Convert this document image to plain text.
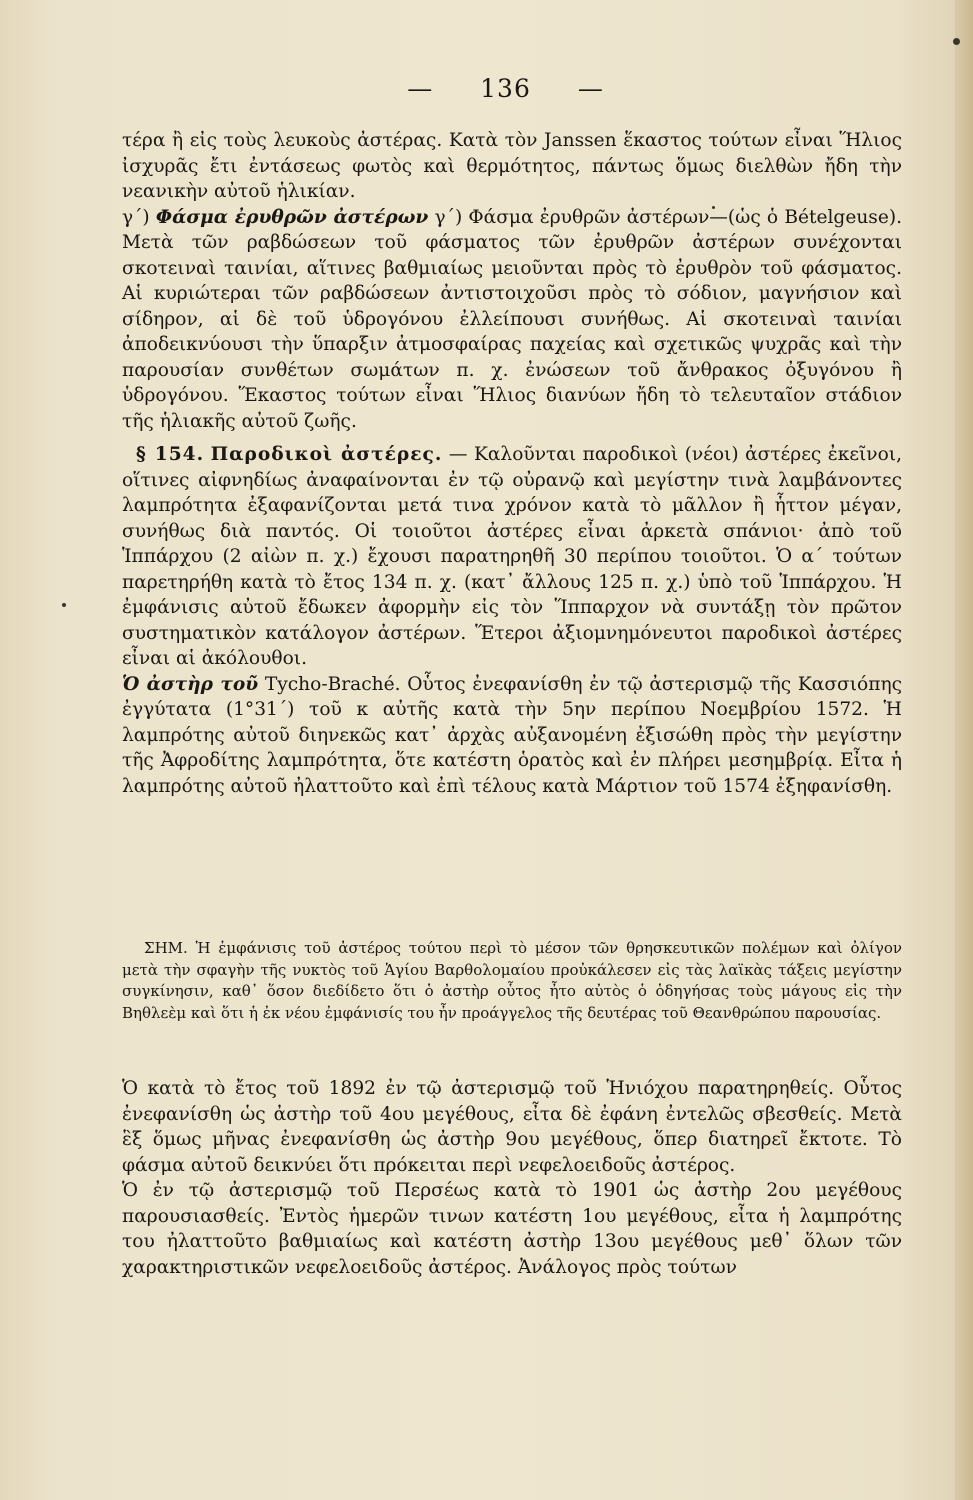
— 136 —

τέρα ἢ εἰς τοὺς λευκοὺς ἀστέρας. Κατὰ τὸν Janssen ἕκαστος τούτων εἶναι Ἥλιος ἰσχυρᾶς ἔτι ἐντάσεως φωτὸς καὶ θερμότητος, πάντως ὅμως διελθὼν ἤδη τὴν νεανικὴν αὐτοῦ ἡλικίαν.

γ΄) Φάσμα ἐρυθρῶν ἀστέρων γ΄) Φάσμα ἐρυθρῶν ἀστέρων—(ὡς ὁ Bételgeuse). Μετὰ τῶν ραβδώσεων τοῦ φάσματος τῶν ἐρυθρῶν ἀστέρων συνέχονται σκοτειναὶ ταινίαι, αἵτινες βαθμιαίως μειοῦνται πρὸς τὸ ἐρυθρὸν τοῦ φάσματος. Αἱ κυριώτεραι τῶν ραβδώσεων ἀντιστοιχοῦσι πρὸς τὸ σόδιον, μαγνήσιον καὶ σίδηρον, αἱ δὲ τοῦ ὑδρογόνου ἐλλείπουσι συνήθως. Αἱ σκοτειναὶ ταινίαι ἀποδεικνύουσι τὴν ὕπαρξιν ἀτμοσφαίρας παχείας καὶ σχετικῶς ψυχρᾶς καὶ τὴν παρουσίαν συνθέτων σωμάτων π. χ. ἐνώσεων τοῦ ἄνθρακος ὀξυγόνου ἢ ὑδρογόνου. Ἕκαστος τούτων εἶναι Ἥλιος διανύων ἤδη τὸ τελευταῖον στάδιον τῆς ἡλιακῆς αὐτοῦ ζωῆς.

§ 154. Παροδικοὶ ἀστέρες. — Καλοῦνται παροδικοὶ (νέοι) ἀστέρες ἐκεῖνοι, οἵτινες αἰφνηδίως ἀναφαίνονται ἐν τῷ οὐρανῷ καὶ μεγίστην τινὰ λαμβάνοντες λαμπρότητα ἐξαφανίζονται μετά τινα χρόνον κατὰ τὸ μᾶλλον ἢ ἧττον μέγαν, συνήθως διὰ παντός. Οἱ τοιοῦτοι ἀστέρες εἶναι ἀρκετὰ σπάνιοι· ἀπὸ τοῦ Ἱππάρχου (2 αἰὼν π. χ.) ἔχουσι παρατηρηθῆ 30 περίπου τοιοῦτοι. Ὁ α΄ τούτων παρετηρήθη κατὰ τὸ ἔτος 134 π. χ. (κατ᾽ ἄλλους 125 π. χ.) ὑπὸ τοῦ Ἱππάρχου. Ἡ ἐμφάνισις αὐτοῦ ἔδωκεν ἀφορμὴν εἰς τὸν Ἵππαρχον νὰ συντάξῃ τὸν πρῶτον συστηματικὸν κατάλογον ἀστέρων. Ἕτεροι ἀξιομνημόνευτοι παροδικοὶ ἀστέρες εἶναι αἱ ἀκόλουθοι.

Ὁ ἀστὴρ τοῦ Τycho-Braché. Οὗτος ἐνεφανίσθη ἐν τῷ ἀστερισμῷ τῆς Κασσιόπης ἐγγύτατα (1°31΄) τοῦ κ αὐτῆς κατὰ τὴν 5ην περίπου Νοεμβρίου 1572. Ἡ λαμπρότης αὐτοῦ διηνεκῶς κατ᾽ ἀρχὰς αὐξανομένη ἐξισώθη πρὸς τὴν μεγίστην τῆς Ἀφροδίτης λαμπρότητα, ὅτε κατέστη ὁρατὸς καὶ ἐν πλήρει μεσημβρίᾳ. Εἶτα ἡ λαμπρότης αὐτοῦ ἠλαττοῦτο καὶ ἐπὶ τέλους κατὰ Μάρτιον τοῦ 1574 ἐξηφανίσθη.

ΣΗΜ. Ἡ ἐμφάνισις τοῦ ἀστέρος τούτου περὶ τὸ μέσον τῶν θρησκευτικῶν πολέμων καὶ ὀλίγον μετὰ τὴν σφαγὴν τῆς νυκτὸς τοῦ Ἁγίου Βαρθολομαίου προὐκάλεσεν εἰς τὰς λαϊκὰς τάξεις μεγίστην συγκίνησιν, καθ᾽ ὅσον διεδίδετο ὅτι ὁ ἀστὴρ οὗτος ἦτο αὐτὸς ὁ ὁδηγήσας τοὺς μάγους εἰς τὴν Βηθλεὲμ καὶ ὅτι ἡ ἐκ νέου ἐμφάνισίς του ἦν προάγγελος τῆς δευτέρας τοῦ Θεανθρώπου παρουσίας.

Ὁ κατὰ τὸ ἔτος τοῦ 1892 ἐν τῷ ἀστερισμῷ τοῦ Ἡνιόχου παρατηρηθείς. Οὗτος ἐνεφανίσθη ὡς ἀστὴρ τοῦ 4ου μεγέθους, εἶτα δὲ ἐφάνη ἐντελῶς σβεσθείς. Μετὰ ἓξ ὅμως μῆνας ἐνεφανίσθη ὡς ἀστὴρ 9ου μεγέθους, ὅπερ διατηρεῖ ἔκτοτε. Τὸ φάσμα αὐτοῦ δεικνύει ὅτι πρόκειται περὶ νεφελοειδοῦς ἀστέρος.

Ὁ ἐν τῷ ἀστερισμῷ τοῦ Περσέως κατὰ τὸ 1901 ὡς ἀστὴρ 2ου μεγέθους παρουσιασθείς. Ἐντὸς ἡμερῶν τινων κατέστη 1ου μεγέθους, εἶτα ἡ λαμπρότης του ἠλαττοῦτο βαθμιαίως καὶ κατέστη ἀστὴρ 13ου μεγέθους μεθ᾽ ὅλων τῶν χαρακτηριστικῶν νεφελοειδοῦς ἀστέρος. Ἀνάλογος πρὸς τούτων
